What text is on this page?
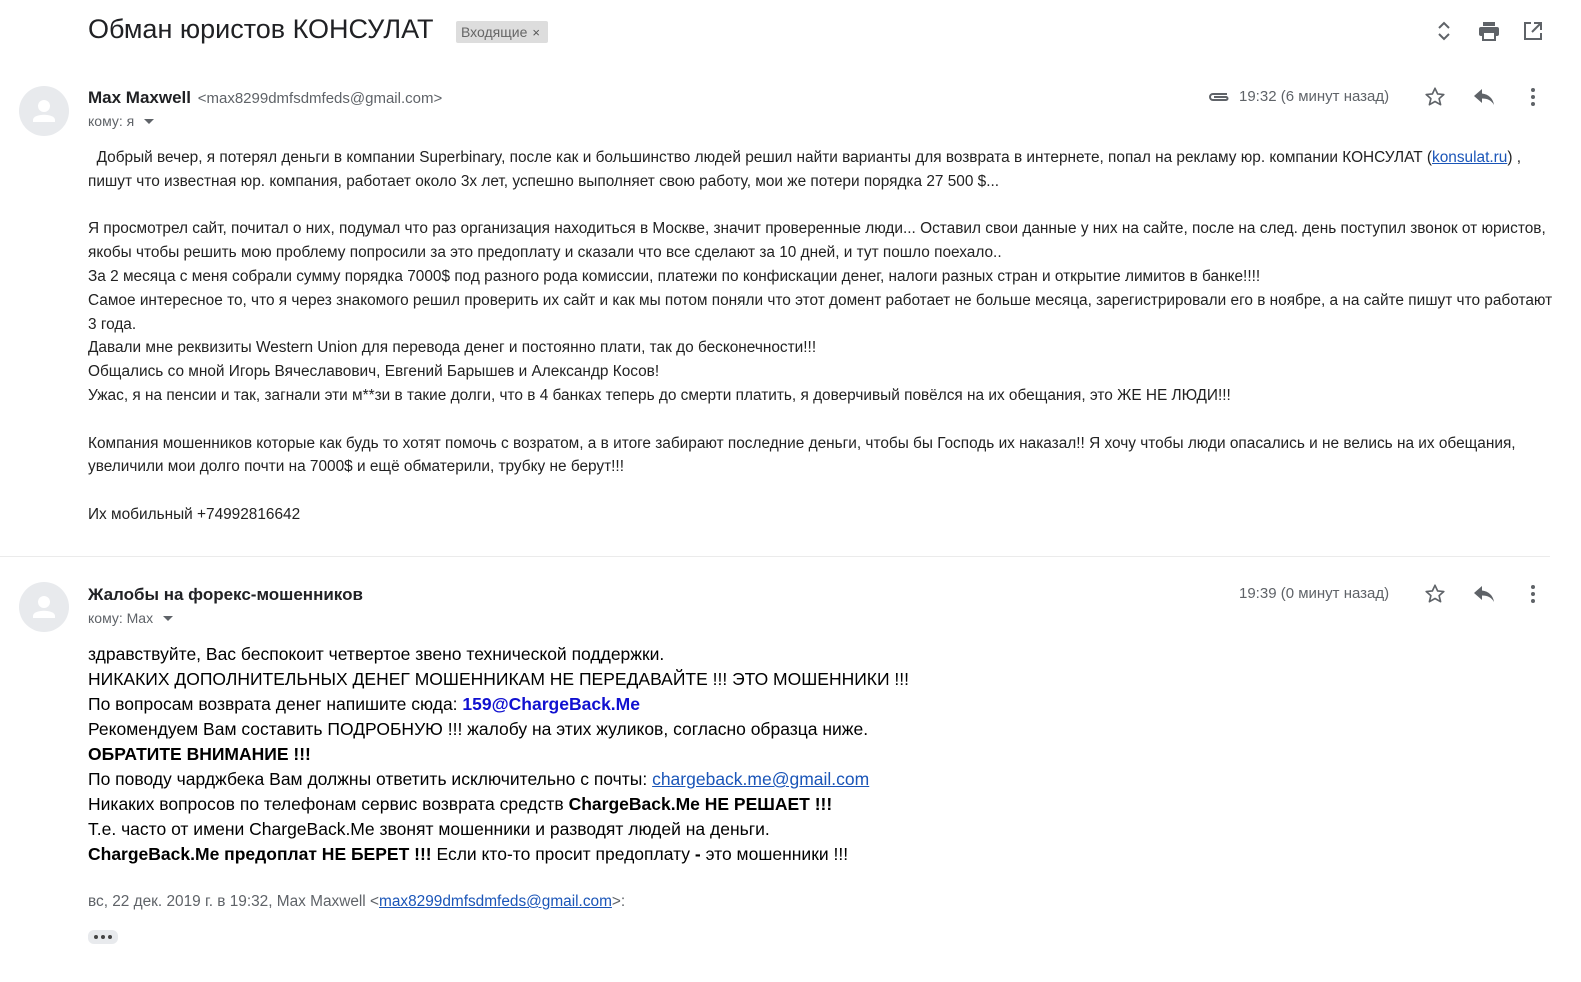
Обман юристов КОНСУЛАТ	Входящие ×
Max Maxwell <max8299dmfsdmfeds@gmail.com>
кому: я
19:32 (6 минут назад)

Добрый вечер, я потерял деньги в компании Superbinary, после как и большинство людей решил найти варианты для возврата в интернете, попал на рекламу юр. компании КОНСУЛАТ (konsulat.ru) , пишут что известная юр. компания, работает около 3х лет, успешно выполняет свою работу, мои же потери порядка 27 500 $...

Я просмотрел сайт, почитал о них, подумал что раз организация находиться в Москве, значит проверенные люди... Оставил свои данные у них на сайте, после на след. день поступил звонок от юристов, якобы чтобы решить мою проблему попросили за это предоплату и сказали что все сделают за 10 дней, и тут пошло поехало..

За 2 месяца с меня собрали сумму порядка 7000$ под разного рода комиссии, платежи по конфискации денег, налоги разных стран и открытие лимитов в банке!!!!

Самое интересное то, что я через знакомого решил проверить их сайт и как мы потом поняли что этот домент работает не больше месяца, зарегистрировали его в ноябре, а на сайте пишут что работают 3 года.

Давали мне реквизиты Western Union для перевода денег и постоянно плати, так до бесконечности!!!

Общались со мной Игорь Вячеславович, Евгений Барышев и Александр Косов!

Ужас, я на пенсии и так, загнали эти м**зи в такие долги, что в 4 банках теперь до смерти платить, я доверчивый повёлся на их обещания, это ЖЕ НЕ ЛЮДИ!!!

Компания мошенников которые как будь то хотят помочь с возратом, а в итоге забирают последние деньги, чтобы бы Господь их наказал!! Я хочу чтобы люди опасались и не велись на их обещания, увеличили мои долго почти на 7000$ и ещё обматерили, трубку не берут!!!

Их мобильный +74992816642

Жалобы на форекс-мошенников
кому: Max
19:39 (0 минут назад)

здравствуйте, Вас беспокоит четвертое звено технической поддержки.

НИКАКИХ ДОПОЛНИТЕЛЬНЫХ ДЕНЕГ МОШЕННИКАМ НЕ ПЕРЕДАВАЙТЕ !!! ЭТО МОШЕННИКИ !!!

По вопросам возврата денег напишите сюда: 159@ChargeBack.Me

Рекомендуем Вам составить ПОДРОБНУЮ !!! жалобу на этих жуликов, согласно образца ниже.

ОБРАТИТЕ ВНИМАНИЕ !!!

По поводу чарджбека Вам должны ответить исключительно с почты: chargeback.me@gmail.com

Никаких вопросов по телефонам сервис возврата средств ChargeBack.Me НЕ РЕШАЕТ !!!

Т.е. часто от имени ChargeBack.Me звонят мошенники и разводят людей на деньги.

ChargeBack.Me предоплат НЕ БЕРЕТ !!! Если кто-то просит предоплату - это мошенники !!!

вс, 22 дек. 2019 г. в 19:32, Max Maxwell <max8299dmfsdmfeds@gmail.com>:
